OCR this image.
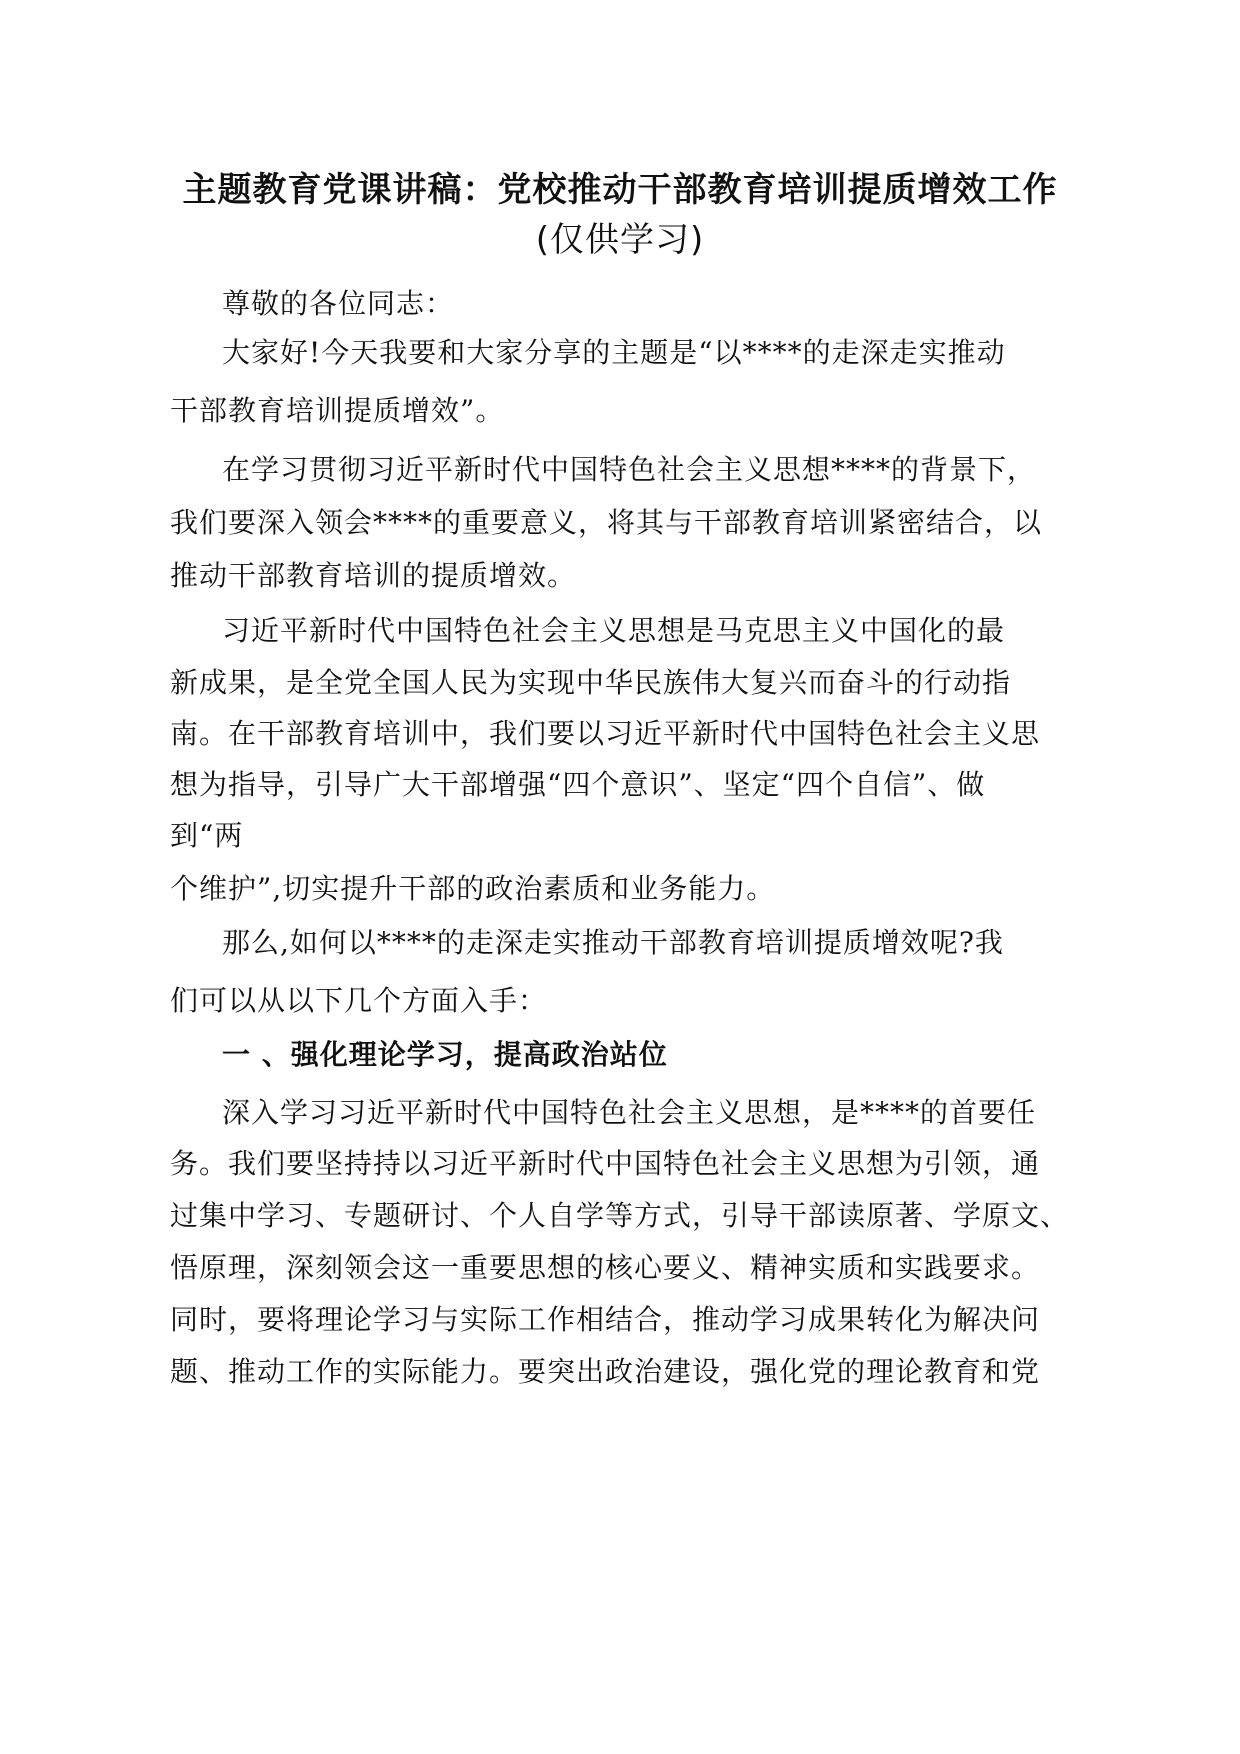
主题教育党课讲稿：党校推动干部教育培训提质增效工作
(仅供学习)

尊敬的各位同志：

大家好!今天我要和大家分享的主题是“以****的走深走实推动

干部教育培训提质增效”。

在学习贯彻习近平新时代中国特色社会主义思想****的背景下，

我们要深入领会****的重要意义，将其与干部教育培训紧密结合，以

推动干部教育培训的提质增效。

习近平新时代中国特色社会主义思想是马克思主义中国化的最

新成果，是全党全国人民为实现中华民族伟大复兴而奋斗的行动指

南。在干部教育培训中，我们要以习近平新时代中国特色社会主义思

想为指导，引导广大干部增强“四个意识”、坚定“四个自信”、做

到“两

个维护”,切实提升干部的政治素质和业务能力。

那么,如何以****的走深走实推动干部教育培训提质增效呢?我

们可以从以下几个方面入手：

一 、强化理论学习，提高政治站位

深入学习习近平新时代中国特色社会主义思想，是****的首要任

务。我们要坚持持以习近平新时代中国特色社会主义思想为引领，通

过集中学习、专题研讨、个人自学等方式，引导干部读原著、学原文、

悟原理，深刻领会这一重要思想的核心要义、精神实质和实践要求。

同时，要将理论学习与实际工作相结合，推动学习成果转化为解决问

题、推动工作的实际能力。要突出政治建设，强化党的理论教育和党
